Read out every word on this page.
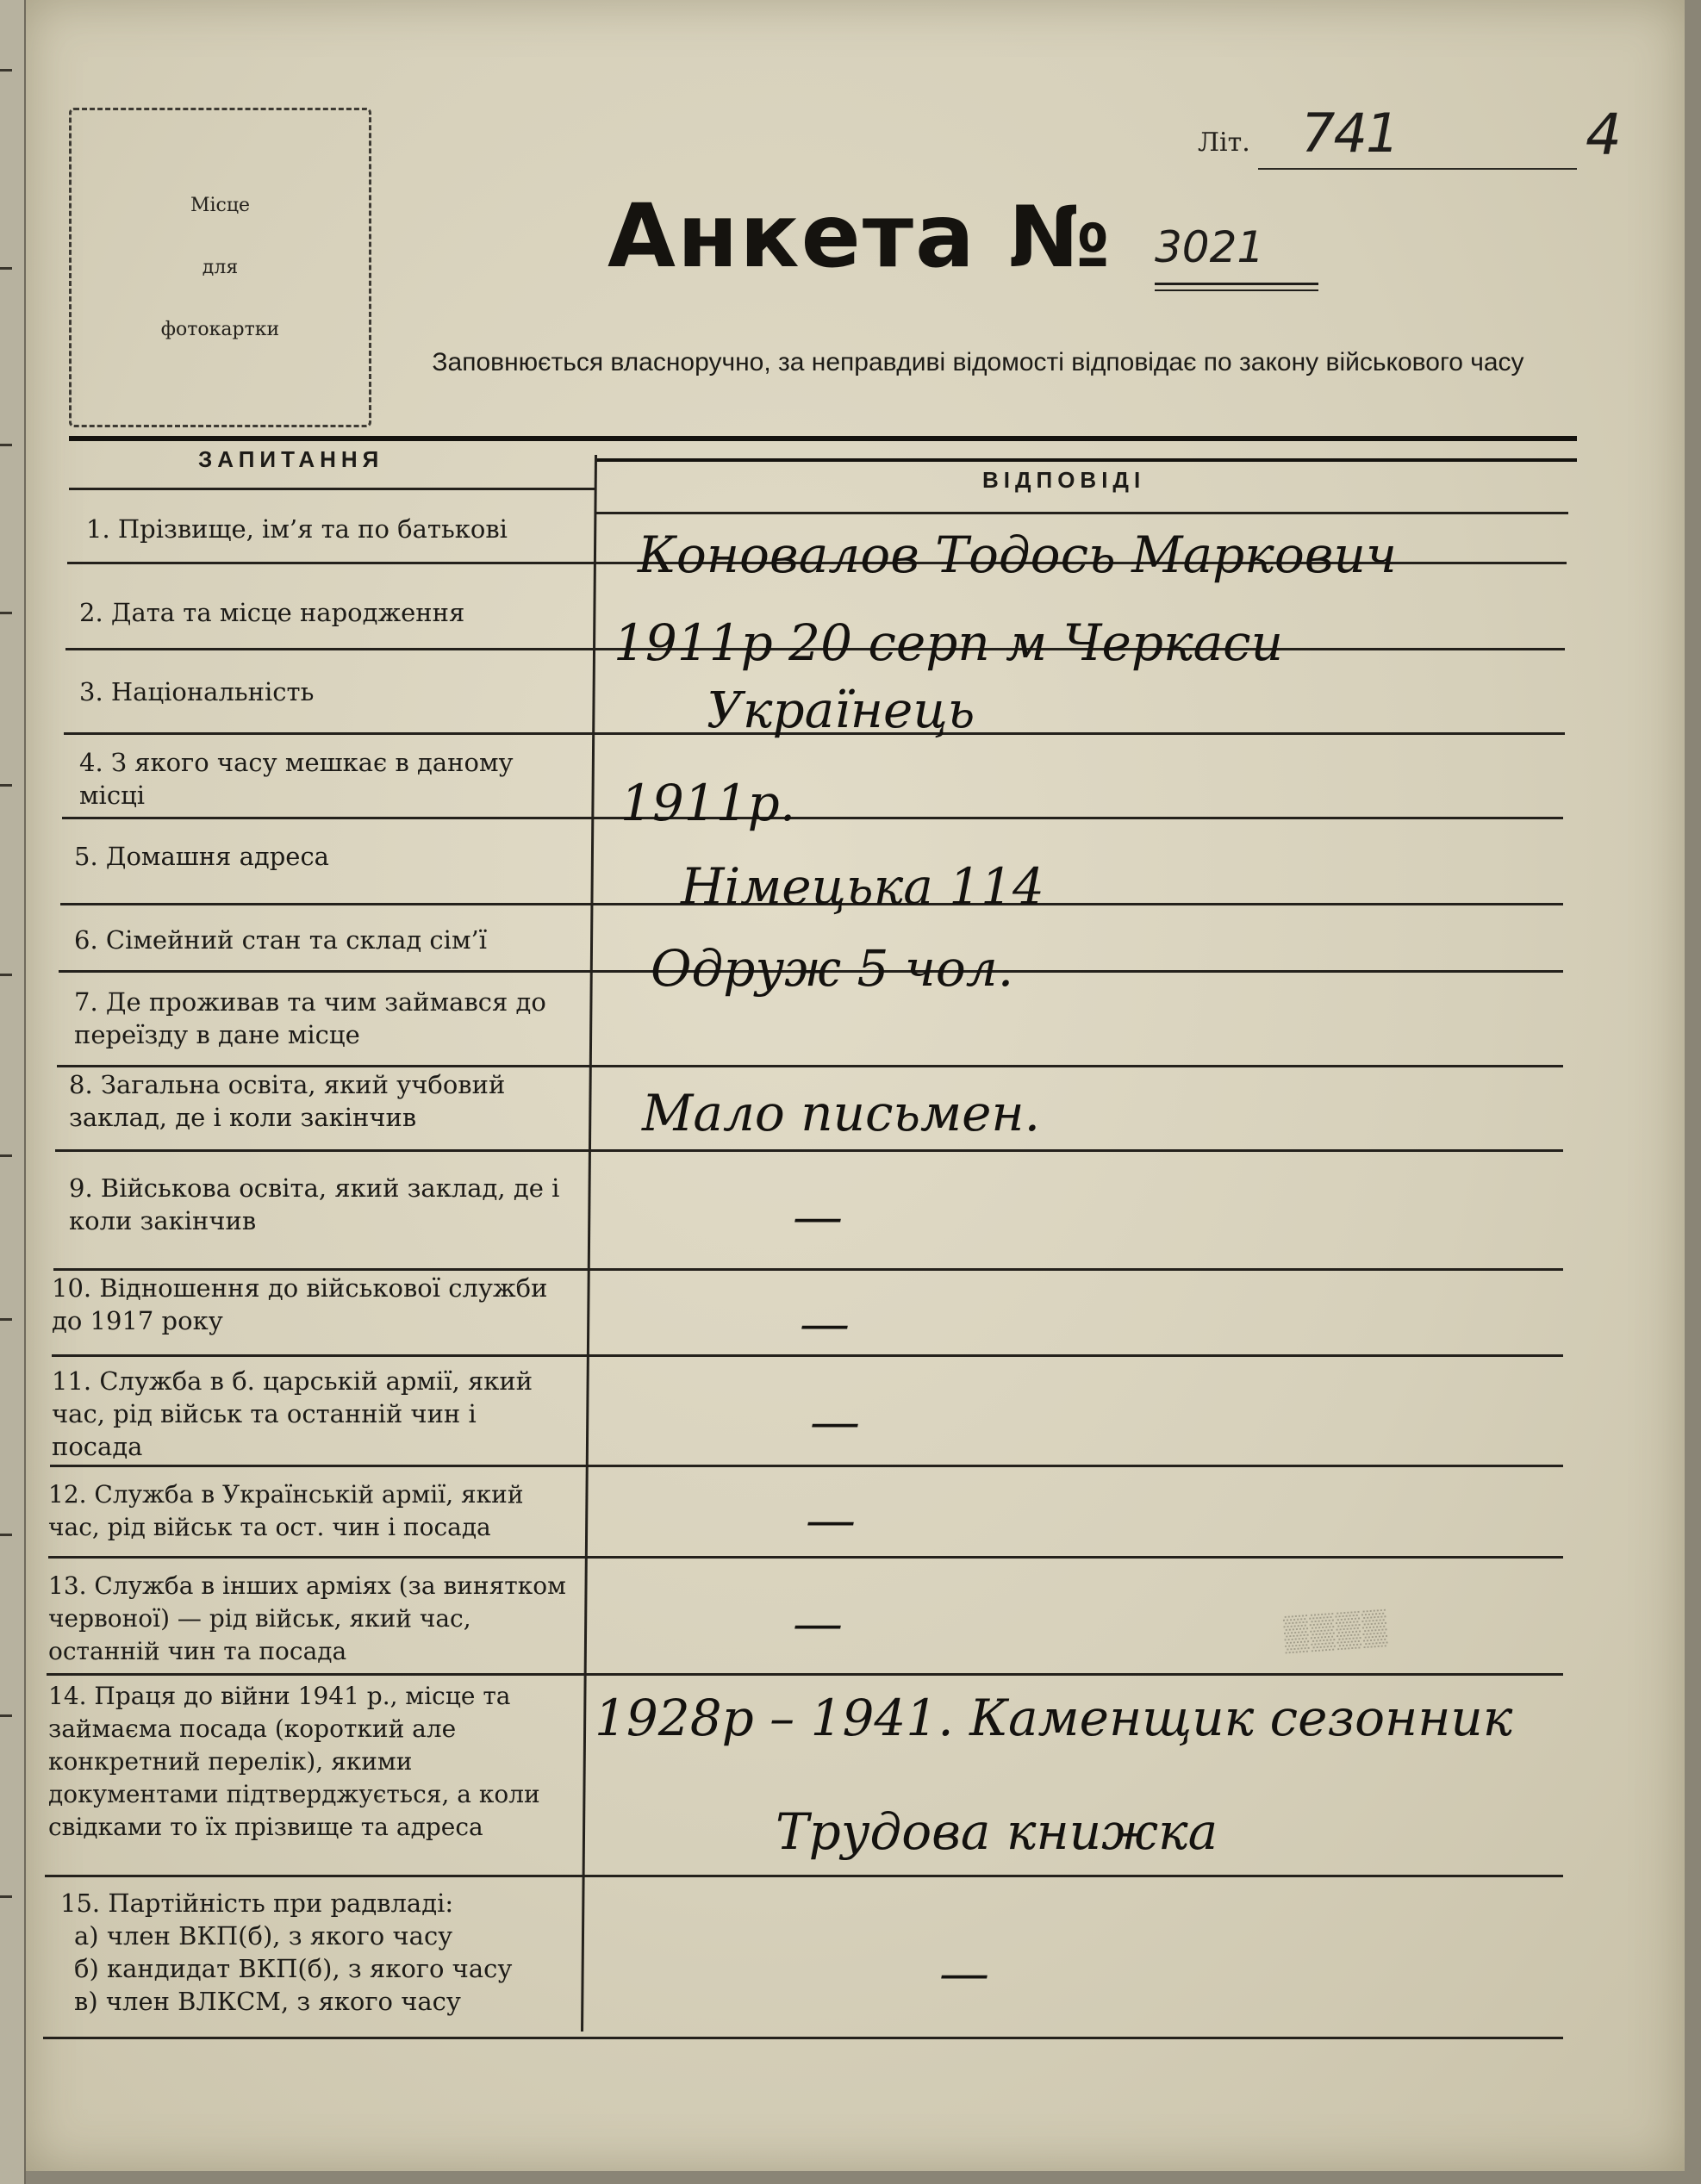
Місце
для
фотокартки
Літ. 741	4
Анкета № 3021
Заповнюється власноручно, за неправдиві відомості відповідає по закону військового часу
ЗАПИТАННЯ
ВІДПОВІДІ
1. Прізвище, ім’я та по батькові
2. Дата та місце народження
3. Національність
4. З якого часу мешкає в даному місці
5. Домашня адреса
6. Сімейний стан та склад сім’ї
7. Де проживав та чим займався до переїзду в дане місце
8. Загальна освіта, який учбовий заклад, де і коли закінчив
9. Військова освіта, який заклад, де і коли закінчив
10. Відношення до військової служби до 1917 року
11. Служба в б. царській армії, який час, рід військ та останній чин і посада
12. Служба в Українській армії, який час, рід військ та ост. чин і посада
13. Служба в інших арміях (за винятком червоної) — рід військ, який час, останній чин та посада
14. Праця до війни 1941 р., місце та займаєма посада (короткий але конкретний перелік), якими документами підтверджується, а коли свідками то їх прізвище та адреса
15. Партійність при радвладі:
а) член ВКП(б), з якого часу
б) кандидат ВКП(б), з якого часу
в) член ВЛКСМ, з якого часу
Коновалов Тодось Маркович
1911р 20 серп м Черкаси
Українець
1911р.
Німецька 114
Одруж 5 чол.
Мало письмен.
—
—
—
—
—
1928р – 1941. Каменщик сезонник
Трудова книжка
—
▒▒▒▒
